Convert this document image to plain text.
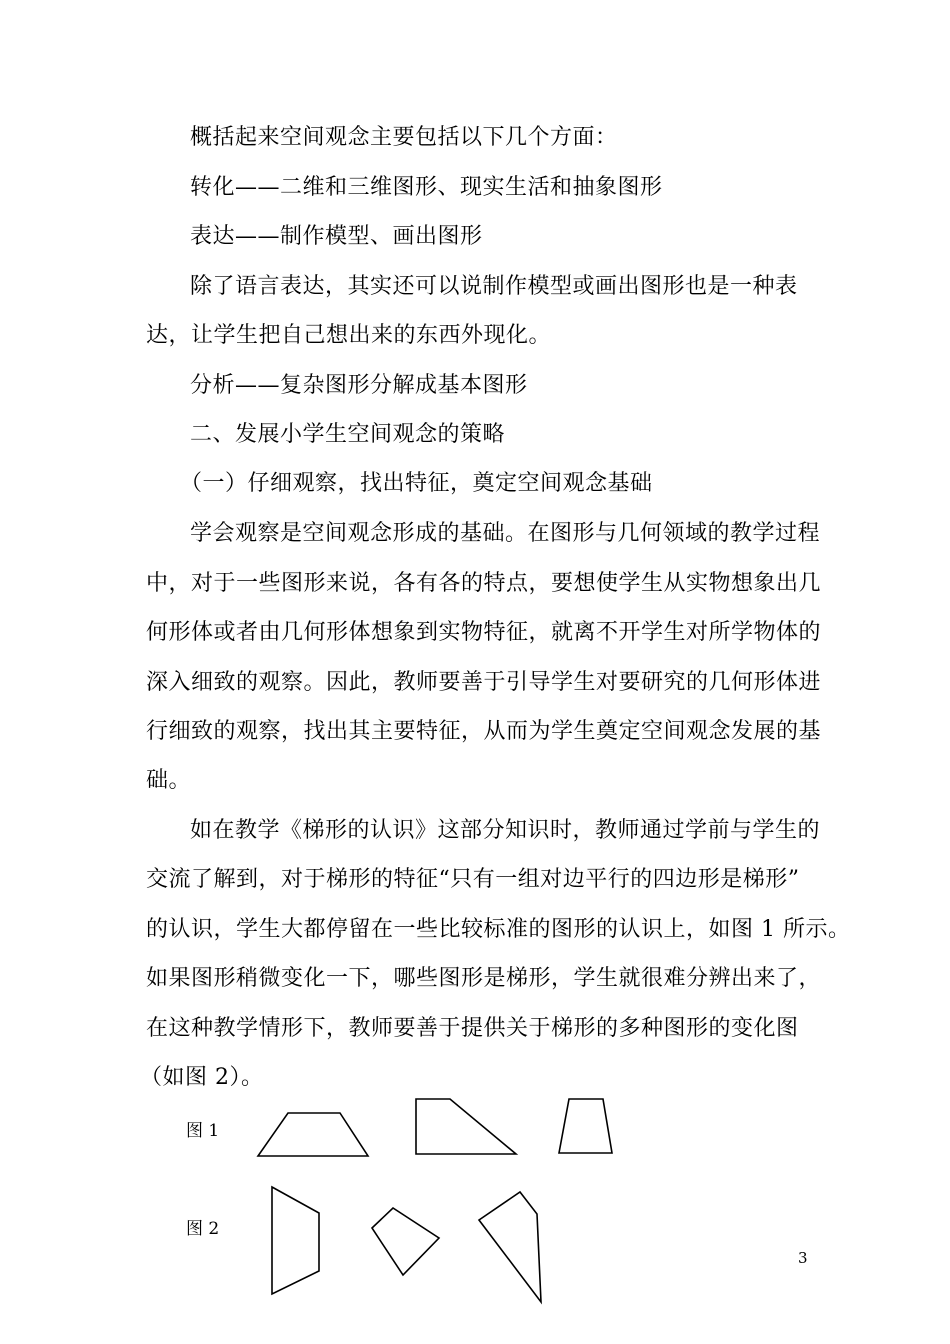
概括起来空间观念主要包括以下几个方面：
转化——二维和三维图形、现实生活和抽象图形
表达——制作模型、画出图形
除了语言表达，其实还可以说制作模型或画出图形也是一种表
达，让学生把自己想出来的东西外现化。
分析——复杂图形分解成基本图形
二、发展小学生空间观念的策略
（一）仔细观察，找出特征，奠定空间观念基础
学会观察是空间观念形成的基础。在图形与几何领域的教学过程
中，对于一些图形来说，各有各的特点，要想使学生从实物想象出几
何形体或者由几何形体想象到实物特征，就离不开学生对所学物体的
深入细致的观察。因此，教师要善于引导学生对要研究的几何形体进
行细致的观察，找出其主要特征，从而为学生奠定空间观念发展的基
础。
如在教学《梯形的认识》这部分知识时，教师通过学前与学生的
交流了解到，对于梯形的特征“只有一组对边平行的四边形是梯形”
的认识，学生大都停留在一些比较标准的图形的认识上，如图 1 所示。
如果图形稍微变化一下，哪些图形是梯形，学生就很难分辨出来了，
在这种教学情形下，教师要善于提供关于梯形的多种图形的变化图
（如图 2）。
图 1
图 2
3
